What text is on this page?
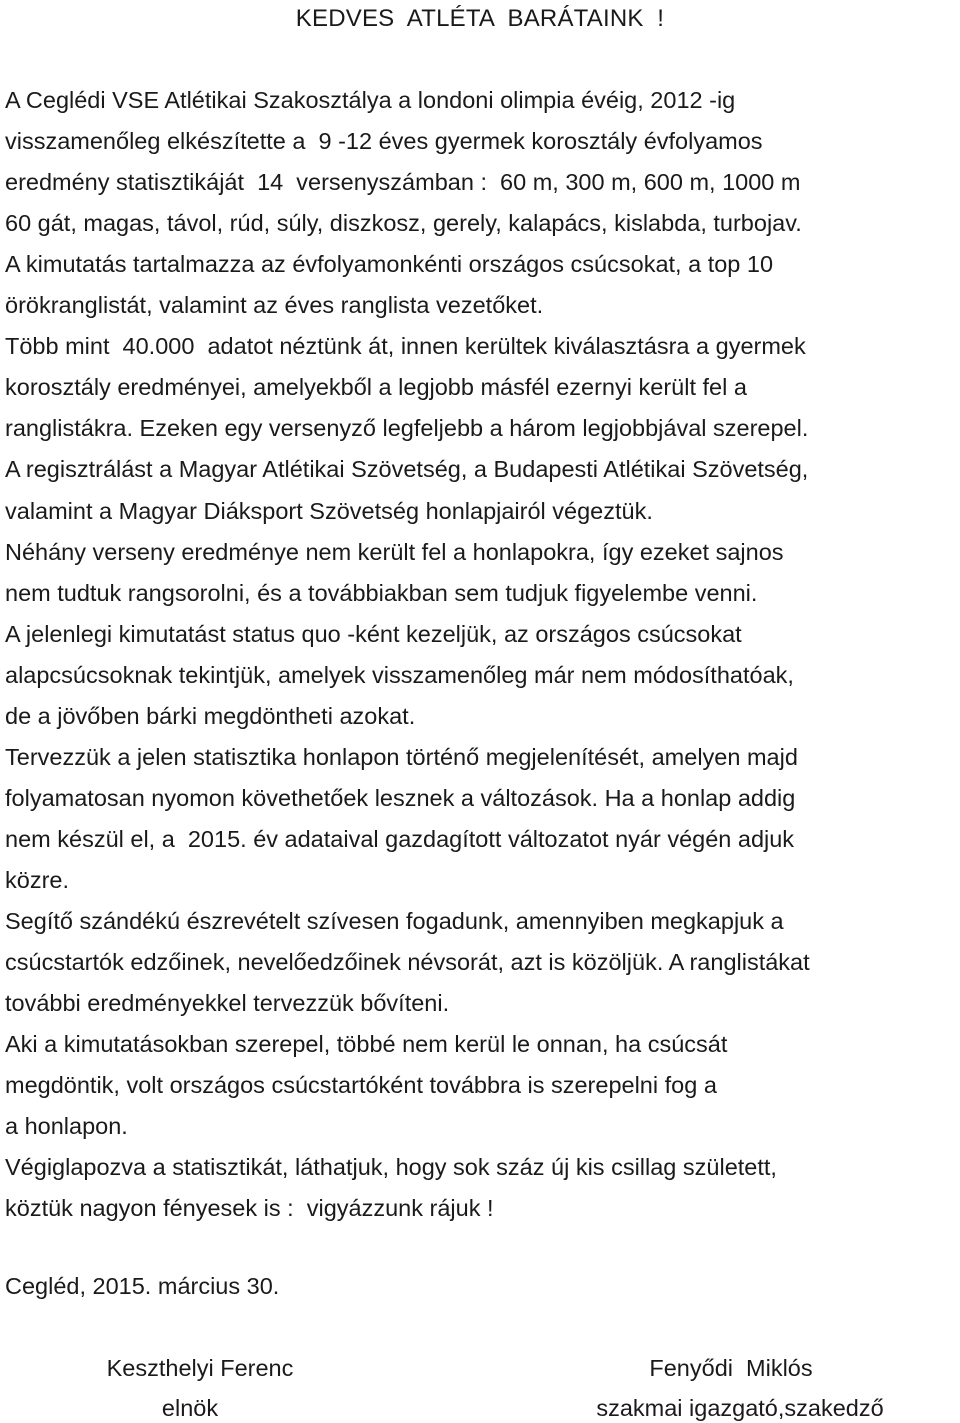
KEDVES  ATLÉTA  BARÁTAINK  !
A Ceglédi VSE Atlétikai Szakosztálya a londoni olimpia évéig, 2012 -ig
visszamenőleg elkészítette a  9 -12 éves gyermek korosztály évfolyamos
eredmény statisztikáját  14  versenyszámban :  60 m, 300 m, 600 m, 1000 m
60 gát, magas, távol, rúd, súly, diszkosz, gerely, kalapács, kislabda, turbojav.
A kimutatás tartalmazza az évfolyamonkénti országos csúcsokat, a top 10
örökranglistát, valamint az éves ranglista vezetőket.
Több mint  40.000  adatot néztünk át, innen kerültek kiválasztásra a gyermek
korosztály eredményei, amelyekből a legjobb másfél ezernyi került fel a
ranglistákra. Ezeken egy versenyző legfeljebb a három legjobbjával szerepel.
A regisztrálást a Magyar Atlétikai Szövetség, a Budapesti Atlétikai Szövetség,
valamint a Magyar Diáksport Szövetség honlapjairól végeztük.
Néhány verseny eredménye nem került fel a honlapokra, így ezeket sajnos
nem tudtuk rangsorolni, és a továbbiakban sem tudjuk figyelembe venni.
A jelenlegi kimutatást status quo -ként kezeljük, az országos csúcsokat
alapcsúcsoknak tekintjük, amelyek visszamenőleg már nem módosíthatóak,
de a jövőben bárki megdöntheti azokat.
Tervezzük a jelen statisztika honlapon történő megjelenítését, amelyen majd
folyamatosan nyomon követhetőek lesznek a változások. Ha a honlap addig
nem készül el, a  2015. év adataival gazdagított változatot nyár végén adjuk
közre.
Segítő szándékú észrevételt szívesen fogadunk, amennyiben megkapjuk a
csúcstartók edzőinek, nevelőedzőinek névsorát, azt is közöljük. A ranglistákat
további eredményekkel tervezzük bővíteni.
Aki a kimutatásokban szerepel, többé nem kerül le onnan, ha csúcsát
megdöntik, volt országos csúcstartóként továbbra is szerepelni fog a
a honlapon.
Végiglapozva a statisztikát, láthatjuk, hogy sok száz új kis csillag született,
köztük nagyon fényesek is :  vigyázzunk rájuk !
Cegléd, 2015. március 30.
Keszthelyi Ferenc
elnök
Fenyődi  Miklós
szakmai igazgató,szakedző
